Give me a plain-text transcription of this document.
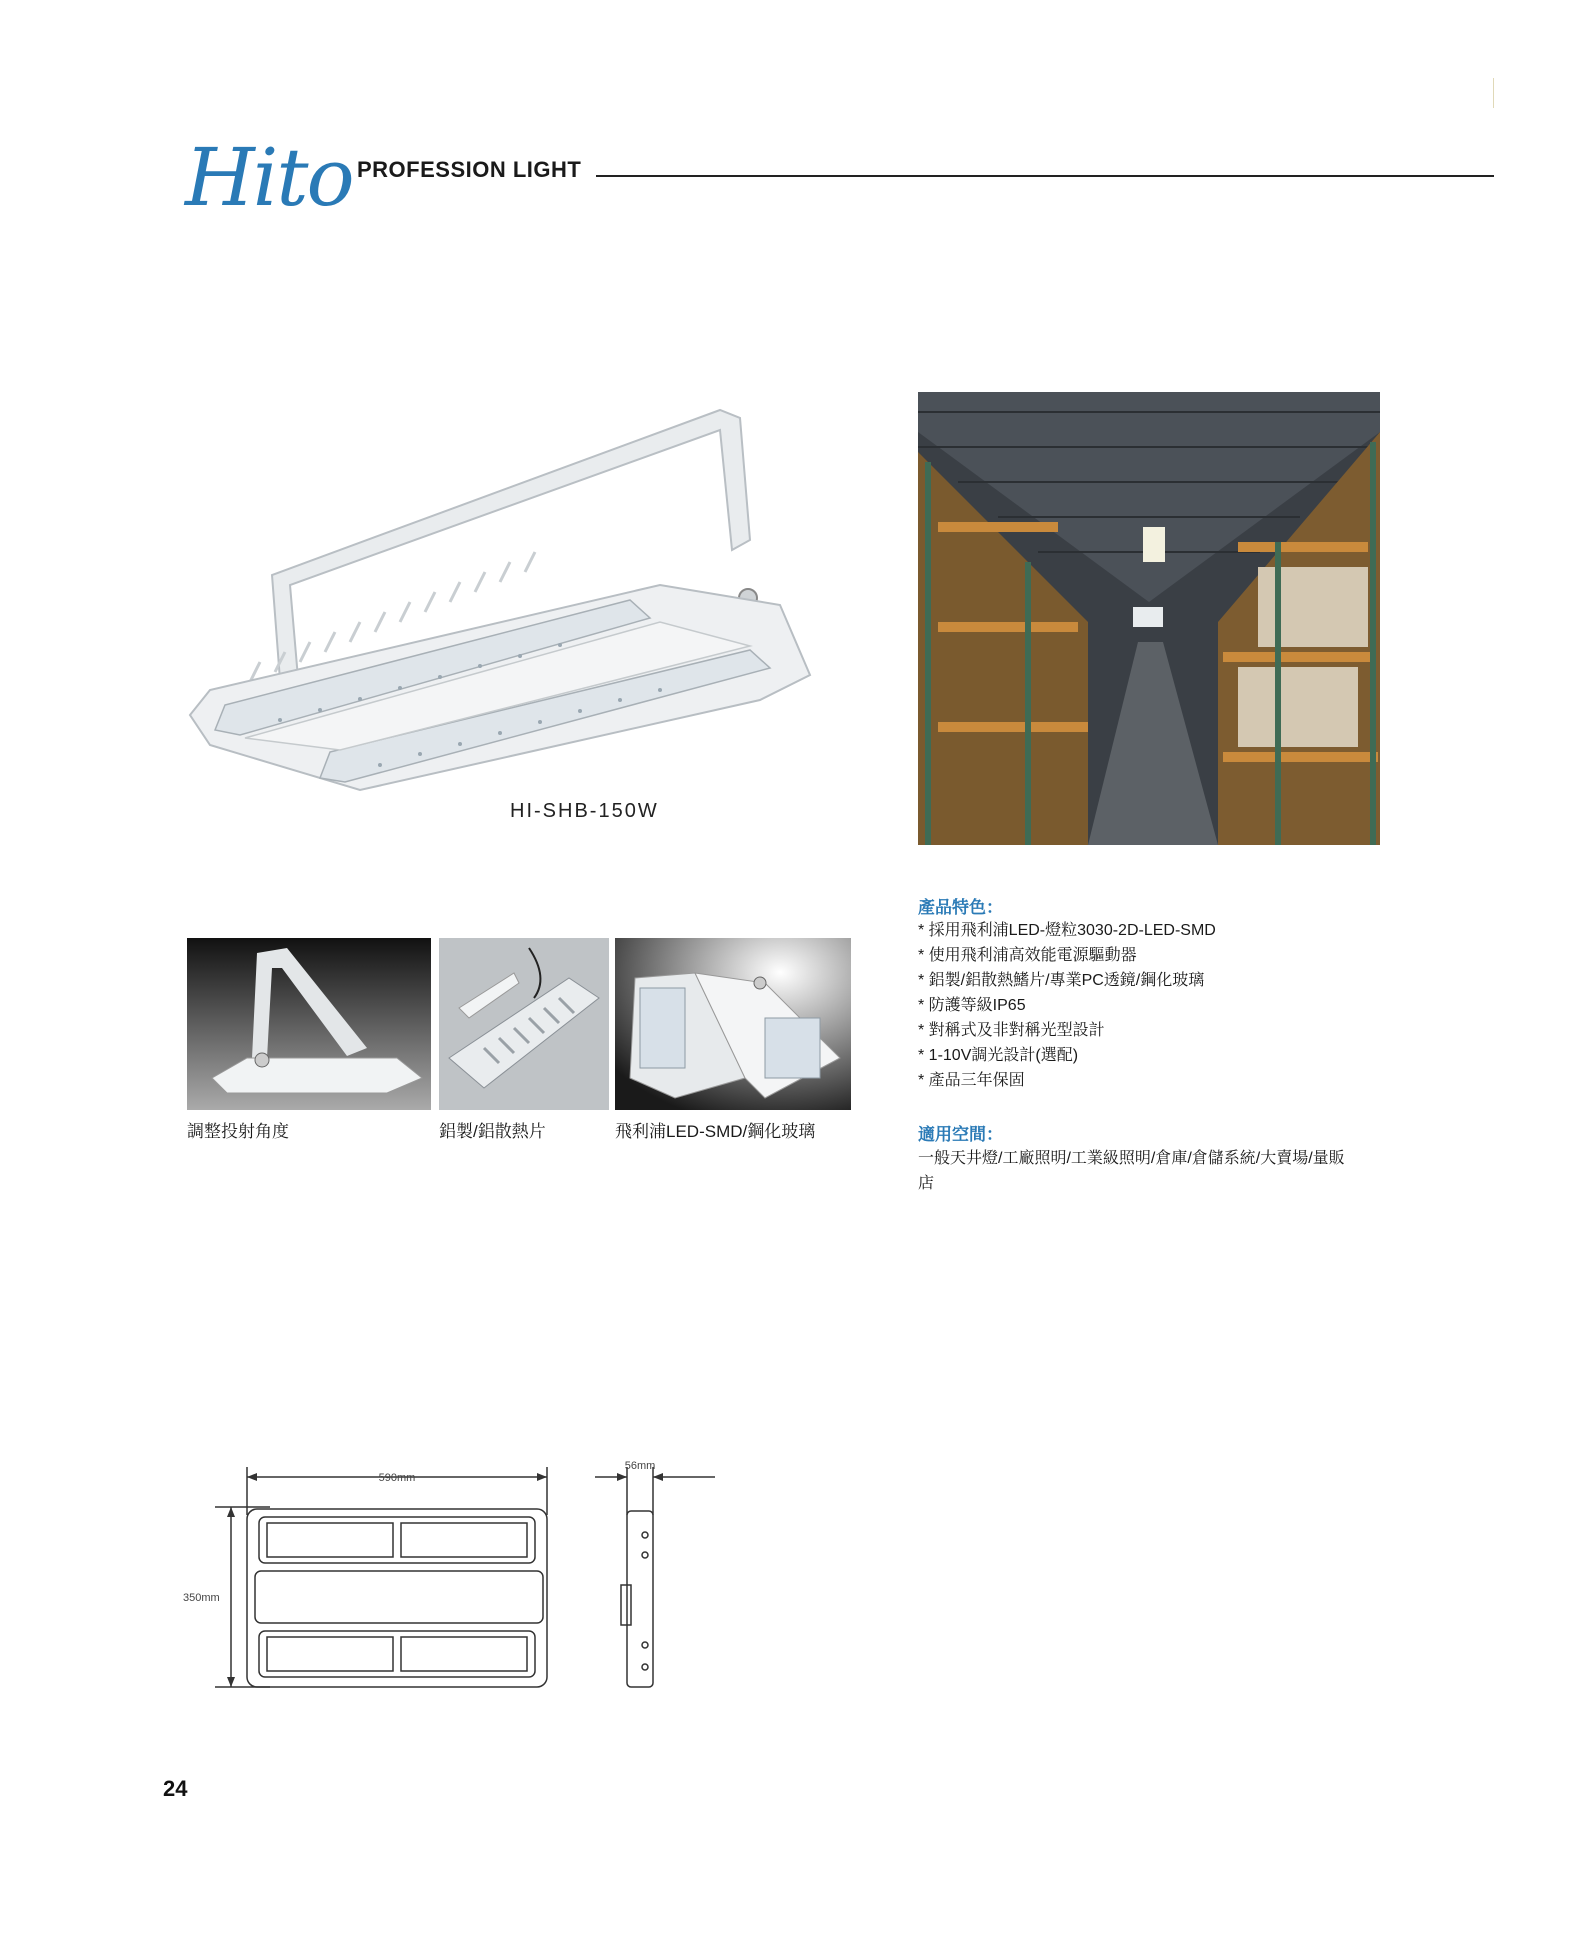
Hito PROFESSION LIGHT
HI-SHB-150W
調整投射角度	鋁製/鋁散熱片	飛利浦LED-SMD/鋼化玻璃
產品特色：
* 採用飛利浦LED-燈粒3030-2D-LED-SMD
* 使用飛利浦高效能電源驅動器
* 鋁製/鋁散熱鰭片/專業PC透鏡/鋼化玻璃
* 防護等級IP65
* 對稱式及非對稱光型設計
* 1-10V調光設計(選配)
* 產品三年保固
適用空間：
一般天井燈/工廠照明/工業級照明/倉庫/倉儲系統/大賣場/量販店
590mm
350mm
56mm
24
